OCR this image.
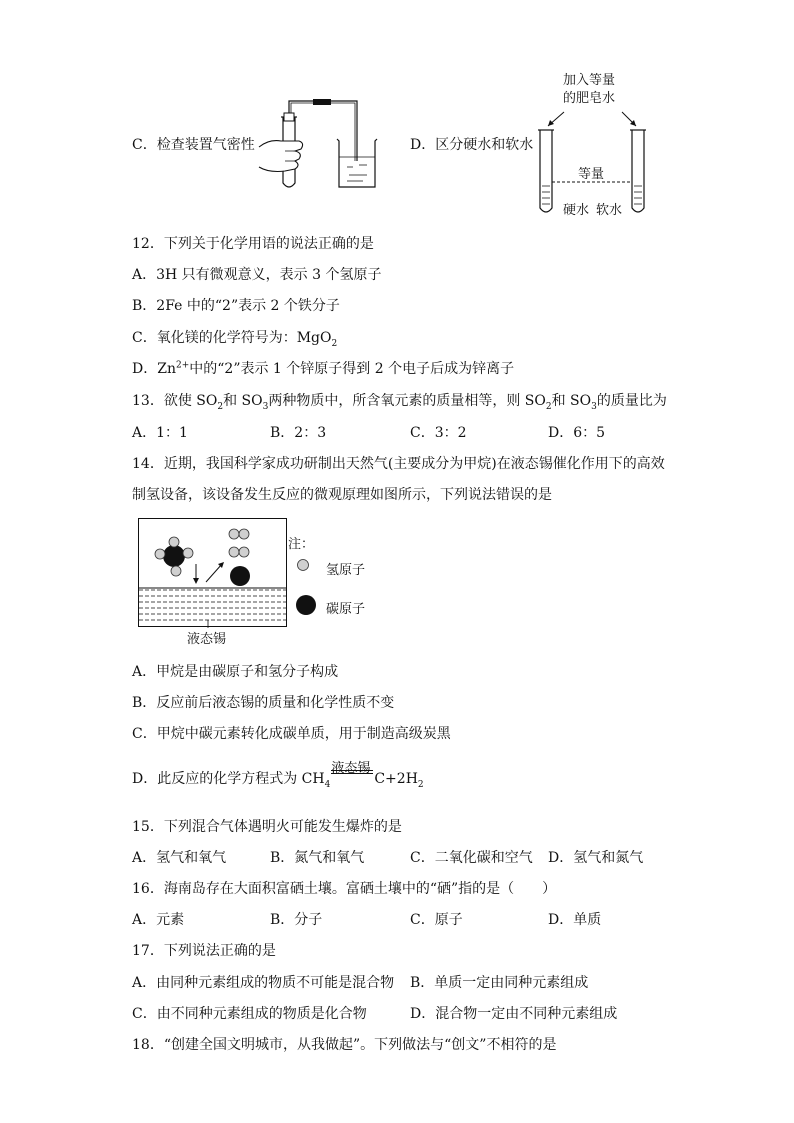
C．检查装置气密性	D．区分硬水和软水
加入等量
的肥皂水
等量
硬水 软水
12．下列关于化学用语的说法正确的是
A．3H 只有微观意义，表示 3 个氢原子
B．2Fe 中的“2”表示 2 个铁分子
C．氧化镁的化学符号为：MgO$_2$
D．$Zn^{2+}$中的“2”表示 1 个锌原子得到 2 个电子后成为锌离子
13．欲使 $SO_2$和 $SO_3$两种物质中，所含氧元素的质量相等，则 $SO_2$和 $SO_3$的质量比为
A．1：1	B．2：3	C．3：2	D．6：5
14．近期，我国科学家成功研制出天然气(主要成分为甲烷)在液态锡催化作用下的高效
制氢设备，该设备发生反应的微观原理如图所示，下列说法错误的是
液态锡
注：
氢原子
碳原子
A．甲烷是由碳原子和氢分子构成
B．反应前后液态锡的质量和化学性质不变
C．甲烷中碳元素转化成碳单质，用于制造高级炭黑
D．此反应的化学方程式为 $CH_4$
液态锡
$C+2H_2$
15．下列混合气体遇明火可能发生爆炸的是
A．氢气和氧气	B．氮气和氧气	C．二氧化碳和空气 D．氢气和氮气
16．海南岛存在大面积富硒土壤。富硒土壤中的“硒”指的是（　　）
A．元素	B．分子	C．原子	D．单质
17．下列说法正确的是
A．由同种元素组成的物质不可能是混合物 B．单质一定由同种元素组成
C．由不同种元素组成的物质是化合物	D．混合物一定由不同种元素组成
18．“创建全国文明城市，从我做起”。下列做法与“创文”不相符的是
